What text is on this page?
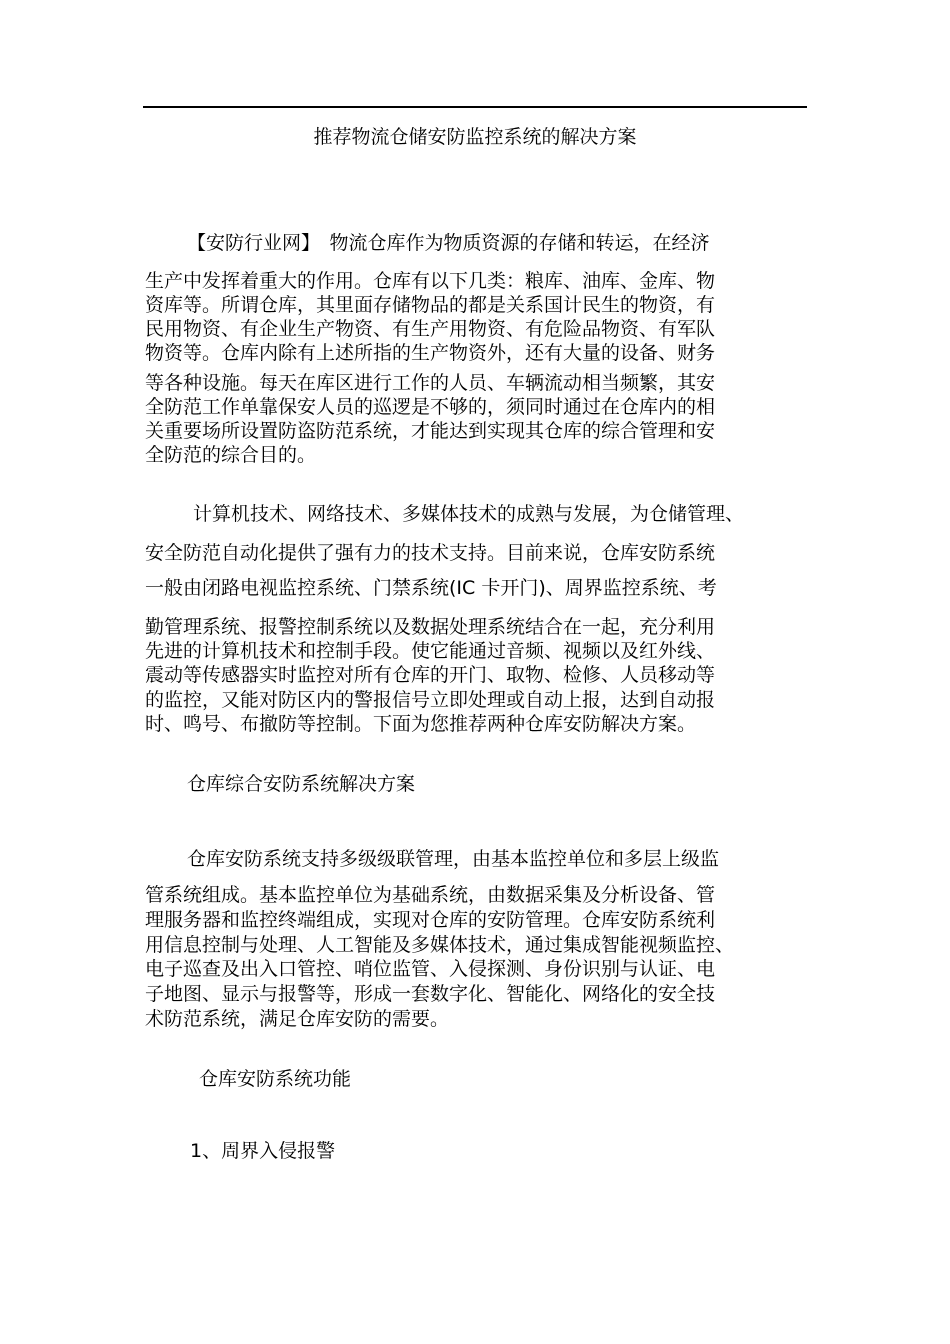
推荐物流仓储安防监控系统的解决方案
【安防行业网】　物流仓库作为物质资源的存储和转运，在经济
生产中发挥着重大的作用。仓库有以下几类：粮库、油库、金库、物
资库等。所谓仓库，其里面存储物品的都是关系国计民生的物资，有
民用物资、有企业生产物资、有生产用物资、有危险品物资、有军队
物资等。仓库内除有上述所指的生产物资外，还有大量的设备、财务
等各种设施。每天在库区进行工作的人员、车辆流动相当频繁，其安
全防范工作单靠保安人员的巡逻是不够的，须同时通过在仓库内的相
关重要场所设置防盗防范系统，才能达到实现其仓库的综合管理和安
全防范的综合目的。
计算机技术、网络技术、多媒体技术的成熟与发展，为仓储管理、
安全防范自动化提供了强有力的技术支持。目前来说，仓库安防系统
一般由闭路电视监控系统、门禁系统(IC 卡开门)、周界监控系统、考
勤管理系统、报警控制系统以及数据处理系统结合在一起，充分利用
先进的计算机技术和控制手段。使它能通过音频、视频以及红外线、
震动等传感器实时监控对所有仓库的开门、取物、检修、人员移动等
的监控，又能对防区内的警报信号立即处理或自动上报，达到自动报
时、鸣号、布撤防等控制。下面为您推荐两种仓库安防解决方案。
仓库综合安防系统解决方案
仓库安防系统支持多级级联管理，由基本监控单位和多层上级监
管系统组成。基本监控单位为基础系统，由数据采集及分析设备、管
理服务器和监控终端组成，实现对仓库的安防管理。仓库安防系统利
用信息控制与处理、人工智能及多媒体技术，通过集成智能视频监控、
电子巡查及出入口管控、哨位监管、入侵探测、身份识别与认证、电
子地图、显示与报警等，形成一套数字化、智能化、网络化的安全技
术防范系统，满足仓库安防的需要。
仓库安防系统功能
1、周界入侵报警
